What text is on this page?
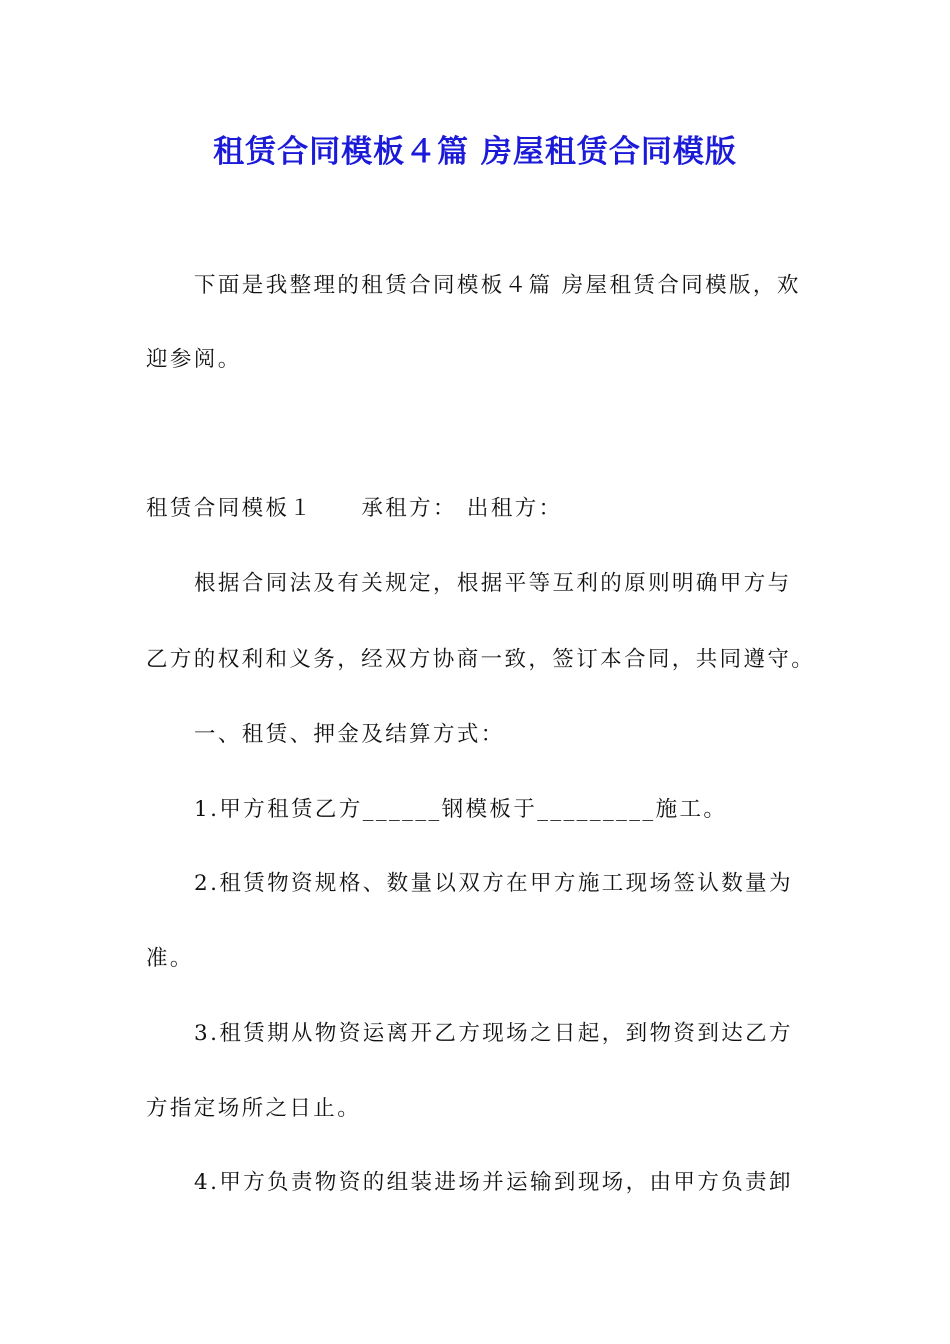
租赁合同模板４篇 房屋租赁合同模版

下面是我整理的租赁合同模板４篇 房屋租赁合同模版，欢

迎参阅。

租赁合同模板１ 承租方： 出租方：

根据合同法及有关规定，根据平等互利的原则明确甲方与

乙方的权利和义务，经双方协商一致，签订本合同，共同遵守。

一、租赁、押金及结算方式：

1.甲方租赁乙方______钢模板于_________施工。

2.租赁物资规格、数量以双方在甲方施工现场签认数量为

准。

3.租赁期从物资运离开乙方现场之日起，到物资到达乙方

方指定场所之日止。

4.甲方负责物资的组装进场并运输到现场，由甲方负责卸
